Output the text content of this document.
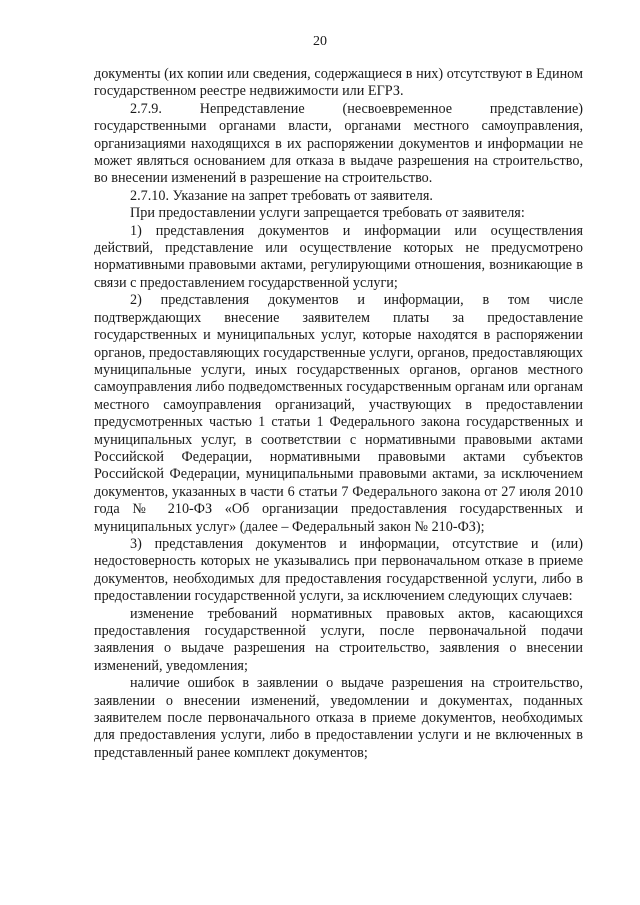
20

документы (их копии или сведения, содержащиеся в них) отсутствуют в Едином государственном реестре недвижимости или ЕГРЗ.

2.7.9. Непредставление (несвоевременное представление) государственными органами власти, органами местного самоуправления, организациями находящихся в их распоряжении документов и информации не может являться основанием для отказа в выдаче разрешения на строительство, во внесении изменений в разрешение на строительство.

2.7.10. Указание на запрет требовать от заявителя.

При предоставлении услуги запрещается требовать от заявителя:

1) представления документов и информации или осуществления действий, представление или осуществление которых не предусмотрено нормативными правовыми актами, регулирующими отношения, возникающие в связи с предоставлением государственной услуги;

2) представления документов и информации, в том числе подтверждающих внесение заявителем платы за предоставление государственных и муниципальных услуг, которые находятся в распоряжении органов, предоставляющих государственные услуги, органов, предоставляющих муниципальные услуги, иных государственных органов, органов местного самоуправления либо подведомственных государственным органам или органам местного самоуправления организаций, участвующих в предоставлении предусмотренных частью 1 статьи 1 Федерального закона государственных и муниципальных услуг, в соответствии с нормативными правовыми актами Российской Федерации, нормативными правовыми актами субъектов Российской Федерации, муниципальными правовыми актами, за исключением документов, указанных в части 6 статьи 7 Федерального закона от 27 июля 2010 года № 210-ФЗ «Об организации предоставления государственных и муниципальных услуг» (далее – Федеральный закон № 210-ФЗ);

3) представления документов и информации, отсутствие и (или) недостоверность которых не указывались при первоначальном отказе в приеме документов, необходимых для предоставления государственной услуги, либо в предоставлении государственной услуги, за исключением следующих случаев:

изменение требований нормативных правовых актов, касающихся предоставления государственной услуги, после первоначальной подачи заявления о выдаче разрешения на строительство, заявления о внесении изменений, уведомления;

наличие ошибок в заявлении о выдаче разрешения на строительство, заявлении о внесении изменений, уведомлении и документах, поданных заявителем после первоначального отказа в приеме документов, необходимых для предоставления услуги, либо в предоставлении услуги и не включенных в представленный ранее комплект документов;
